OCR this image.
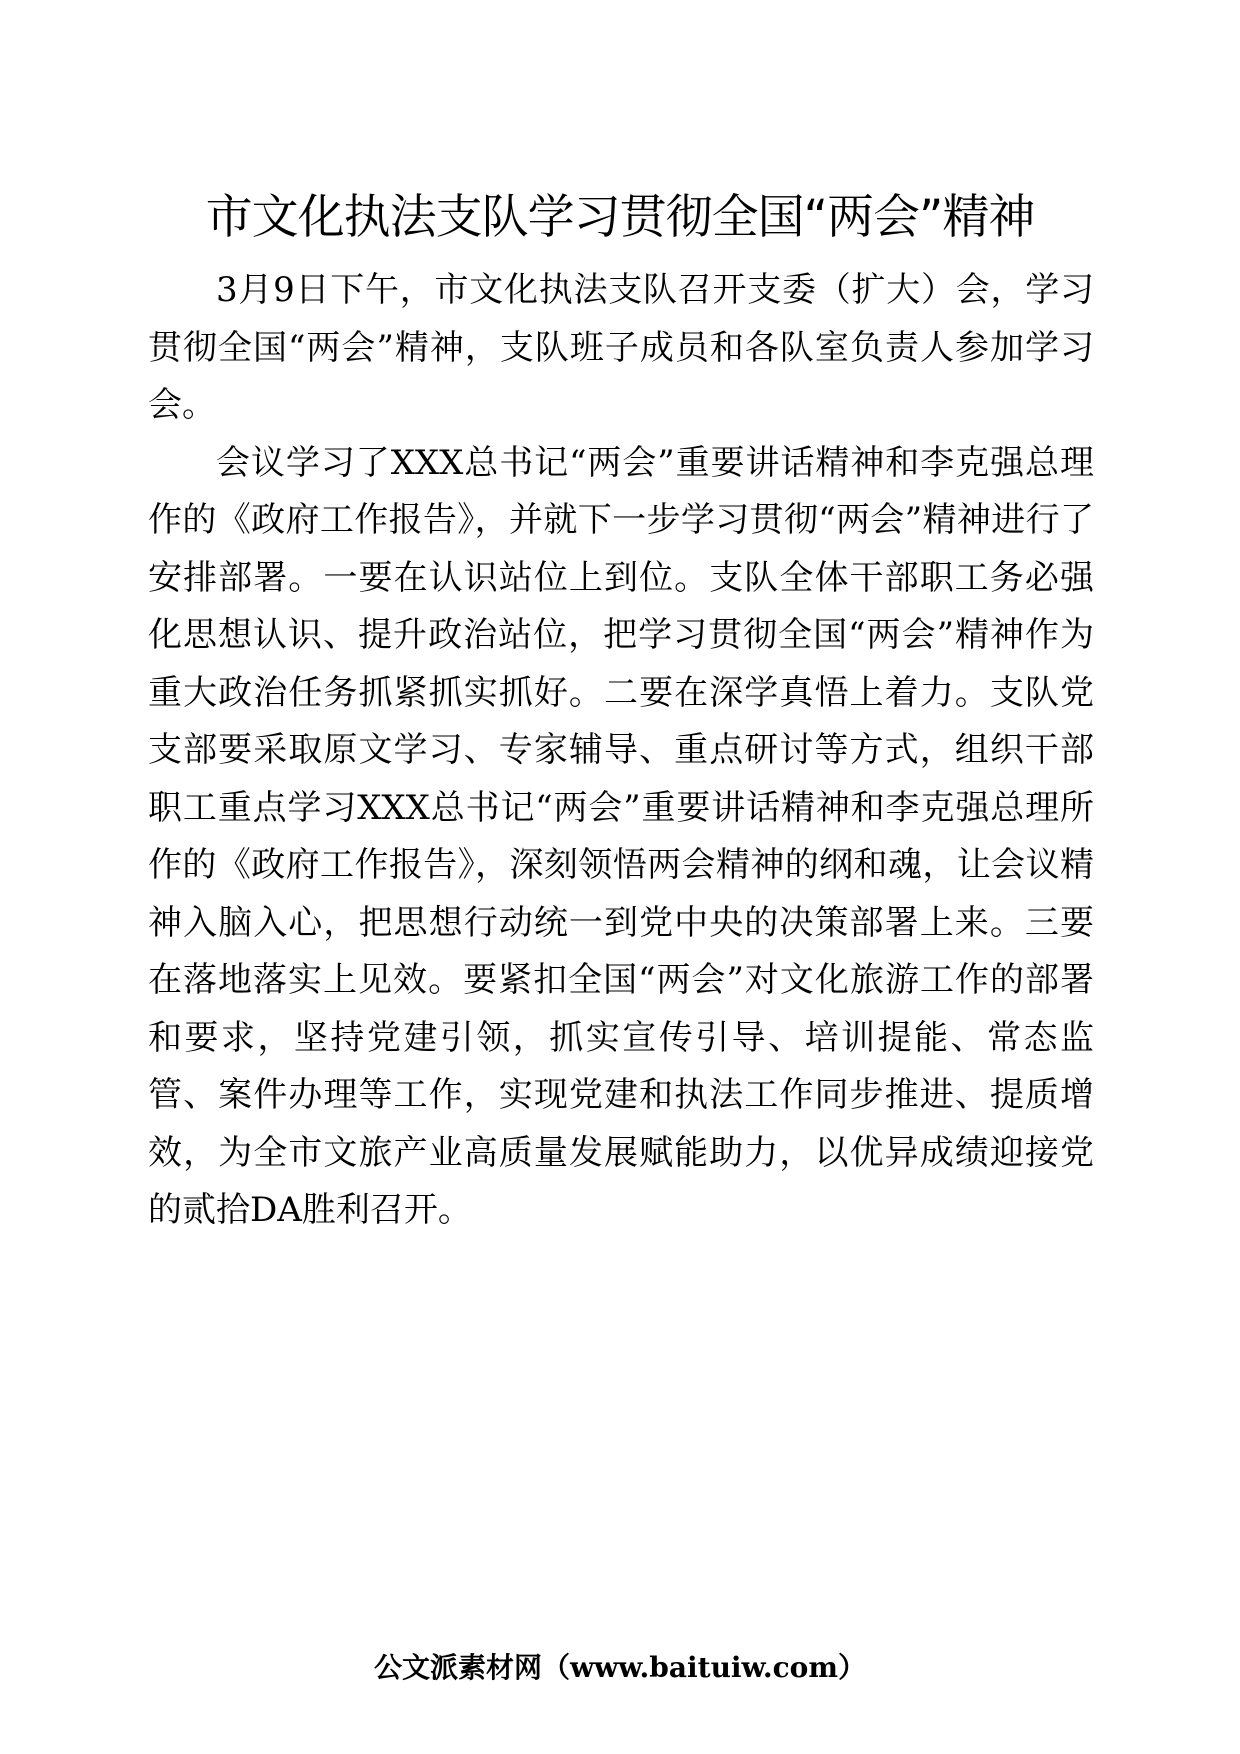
市文化执法支队学习贯彻全国“两会”精神

3月9日下午，市文化执法支队召开支委（扩大）会，学习贯彻全国“两会”精神，支队班子成员和各队室负责人参加学习会。

会议学习了XXX总书记“两会”重要讲话精神和李克强总理作的《政府工作报告》，并就下一步学习贯彻“两会”精神进行了安排部署。一要在认识站位上到位。支队全体干部职工务必强化思想认识、提升政治站位，把学习贯彻全国“两会”精神作为重大政治任务抓紧抓实抓好。二要在深学真悟上着力。支队党支部要采取原文学习、专家辅导、重点研讨等方式，组织干部职工重点学习XXX总书记“两会”重要讲话精神和李克强总理所作的《政府工作报告》，深刻领悟两会精神的纲和魂，让会议精神入脑入心，把思想行动统一到党中央的决策部署上来。三要在落地落实上见效。要紧扣全国“两会”对文化旅游工作的部署和要求，坚持党建引领，抓实宣传引导、培训提能、常态监管、案件办理等工作，实现党建和执法工作同步推进、提质增效，为全市文旅产业高质量发展赋能助力，以优异成绩迎接党的贰拾DA胜利召开。

公文派素材网（www.baituiw.com）
